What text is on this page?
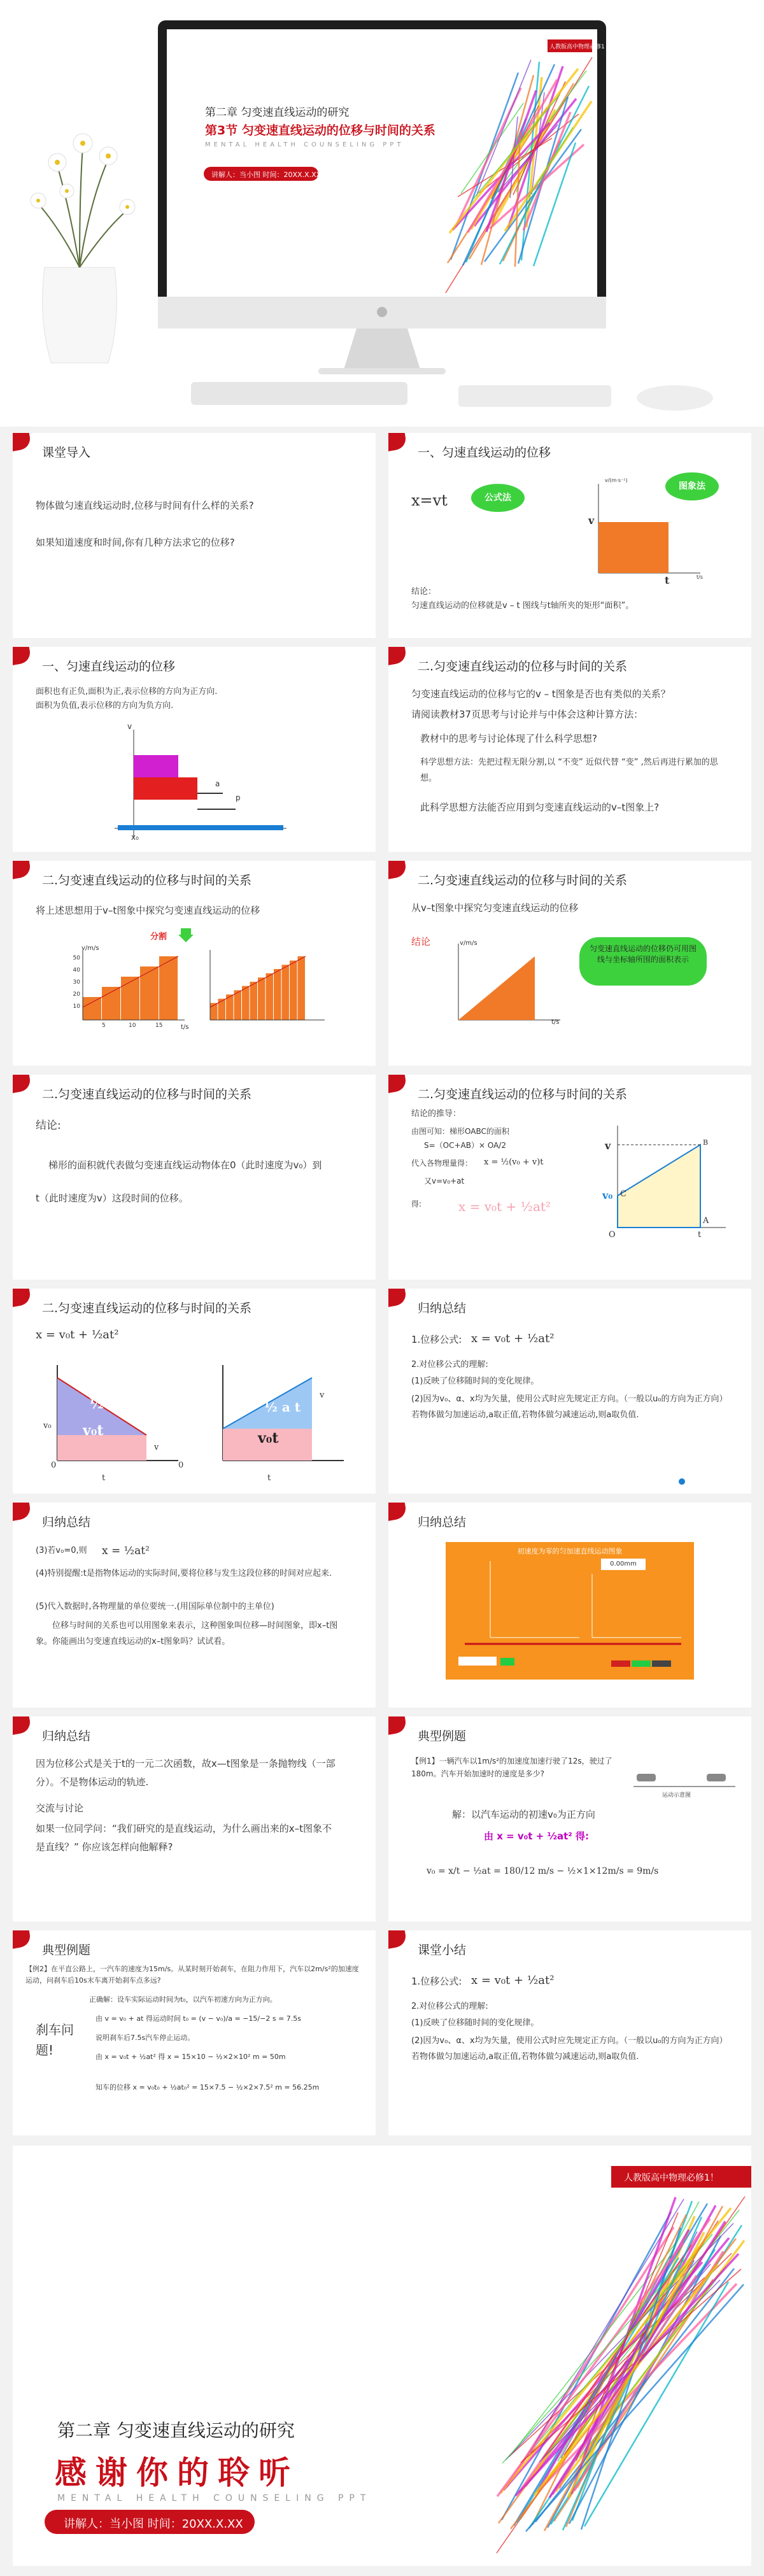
人教版高中物理必修1
第二章 匀变速直线运动的研究
第3节 匀变速直线运动的位移与时间的关系
MENTAL HEALTH COUNSELING PPT
讲解人：当小图 时间：20XX.X.XX
课堂导入
物体做匀速直线运动时,位移与时间有什么样的关系?
如果知道速度和时间,你有几种方法求它的位移?
一、匀速直线运动的位移
x=vt	公式法
图象法
v/(m·s⁻¹)
v
t	t/s
结论：
匀速直线运动的位移就是v – t 图线与t轴所夹的矩形“面积”。
一、匀速直线运动的位移
面积也有正负,面积为正,表示位移的方向为正方向.
面积为负值,表示位移的方向为负方向.
v
x₀
a
p
二.匀变速直线运动的位移与时间的关系
匀变速直线运动的位移与它的v – t图象是否也有类似的关系？
请阅读教材37页思考与讨论并与中体会这种计算方法：
教材中的思考与讨论体现了什么科学思想?
科学思想方法：先把过程无限分割,以 “不变” 近似代替 “变” ,然后再进行累加的思想。
此科学思想方法能否应用到匀变速直线运动的v–t图象上?
二.匀变速直线运动的位移与时间的关系
将上述思想用于v–t图象中探究匀变速直线运动的位移
分割
v/m/s
t/s
50
40
30
20
10
5	10	15
二.匀变速直线运动的位移与时间的关系
从v–t图象中探究匀变速直线运动的位移
结论	v/m/s
t/s
匀变速直线运动的位移仍可用图线与坐标轴所围的面积表示
二.匀变速直线运动的位移与时间的关系
结论:
梯形的面积就代表做匀变速直线运动物体在0（此时速度为v₀）到
t（此时速度为v）这段时间的位移。
二.匀变速直线运动的位移与时间的关系
结论的推导：
由图可知：梯形OABC的面积
S=（OC+AB）× OA/2
代入各物理量得： x = ½(v₀ + v)t
又v=v₀+at
得:	x = v₀t + ½at²
v
v₀
t
O
A
B
C
二.匀变速直线运动的位移与时间的关系
x = v₀t + ½at²
½ a t
v₀t
½ a t
v₀t
v₀
v
0
t
0
t
v
归纳总结
1.位移公式: x = v₀t + ½at²
2.对位移公式的理解:
(1)反映了位移随时间的变化规律。
(2)因为v₀、α、x均为矢量，使用公式时应先规定正方向。（一般以u₀的方向为正方向）若物体做匀加速运动,a取正值,若物体做匀减速运动,则a取负值.
归纳总结
(3)若v₀=0,则 x = ½at²
(4)特别提醒:t是指物体运动的实际时间,要将位移与发生这段位移的时间对应起来.
(5)代入数据时,各物理量的单位要统一.(用国际单位制中的主单位)
位移与时间的关系也可以用图象来表示，这种图象叫位移—时间图象，即x–t图象。你能画出匀变速直线运动的x–t图象吗？试试看。
归纳总结
初速度为零的匀加速直线运动图象
0.00mm
归纳总结
因为位移公式是关于t的一元二次函数，故x—t图象是一条抛物线（一部分）。不是物体运动的轨迹.
交流与讨论
如果一位同学问：“我们研究的是直线运动，为什么画出来的x–t图象不是直线？” 你应该怎样向他解释?
典型例题
【例1】一辆汽车以1m/s²的加速度加速行驶了12s，驶过了180m。汽车开始加速时的速度是多少?
运动示意图
解：以汽车运动的初速v₀为正方向
由 x = v₀t + ½at² 得:
v₀ = x/t − ½at = 180/12 m/s − ½×1×12m/s = 9m/s
典型例题
【例2】在平直公路上，一汽车的速度为15m/s。从某时刻开始刹车，在阻力作用下，汽车以2m/s²的加速度运动，问刹车后10s末车离开始刹车点多远?
刹车问题!
正确解：设车实际运动时间为t₀，以汽车初速方向为正方向。
由 v = v₀ + at 得运动时间 t₀ = (v − v₀)/a = −15/−2 s = 7.5s
说明刹车后7.5s汽车停止运动。
由 x = v₀t + ½at² 得 x = 15×10 − ½×2×10² m = 50m
知车的位移 x = v₀t₀ + ½at₀² = 15×7.5 − ½×2×7.5² m = 56.25m
课堂小结
1.位移公式: x = v₀t + ½at²
2.对位移公式的理解:
(1)反映了位移随时间的变化规律。
(2)因为v₀、α、x均为矢量，使用公式时应先规定正方向。（一般以u₀的方向为正方向）若物体做匀加速运动,a取正值,若物体做匀减速运动,则a取负值.
人教版高中物理必修1！
第二章 匀变速直线运动的研究
感谢你的聆听
MENTAL HEALTH COUNSELING PPT
讲解人：当小图 时间：20XX.X.XX
